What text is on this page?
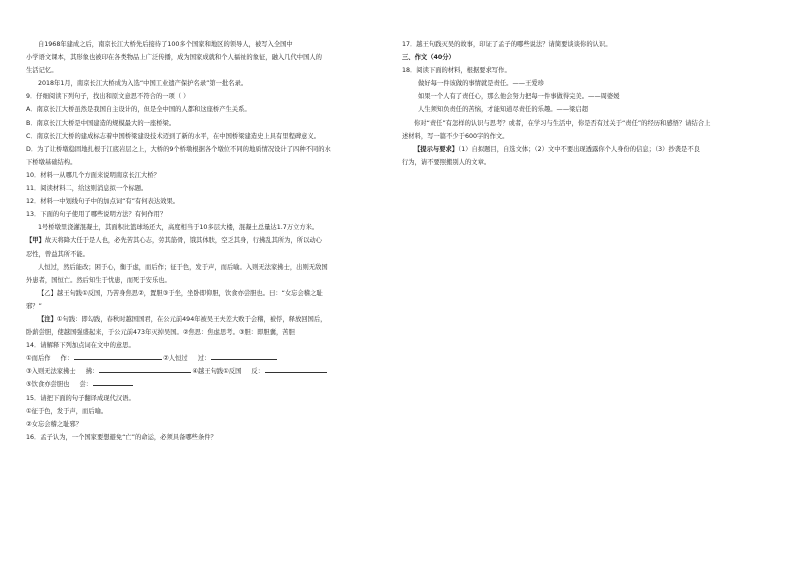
自1968年建成之后，南京长江大桥先后接待了100多个国家和地区的领导人，被写入全国中

小学语文课本，其形象也被印在各类物品上广泛传播，成为国家成就和个人福祉的象征，融入几代中国人的

生活记忆。

2018年1月，南京长江大桥成为入选“中国工业遗产保护名录”第一批名录。

9．仔细阅读下列句子，找出和原文意思不符合的一项（ ）

A．南京长江大桥虽然是我国自主设计的，但是全中国的人都和这座桥产生关系。

B．南京长江大桥是中国建造的规模最大的一座桥梁。

C．南京长江大桥的建成标志着中国桥梁建设技术迈到了新的水平，在中国桥梁建造史上具有里程碑意义。

D．为了让桥墩稳固地扎根于江底岩层之上，大桥的9个桥墩根据各个墩位不同的地质情况设计了四种不同的水

下桥墩基础结构。

10．材料一从哪几个方面来说明南京长江大桥？

11．阅读材料二，给这则消息拟一个标题。

12．材料一中划线句子中的加点词“有”有何表达效果。

13．下面的句子使用了哪些说明方法？有何作用？

1号桥墩里浇灌混凝土，其面积比篮球场还大，高度相当于10多层大楼，混凝土总量达1.7万立方米。

【甲】故天将降大任于是人也，必先苦其心志，劳其筋骨，饿其体肤，空乏其身，行拂乱其所为，所以动心

忍性，曾益其所不能。

人恒过，然后能改；困于心，衡于虑，而后作；征于色，发于声，而后喻。入则无法家拂士，出则无敌国

外患者，国恒亡。然后知生于忧患，而死于安乐也。

【乙】越王句践①反国，乃苦身焦思②，置胆③于坐，坐卧即仰胆，饮食亦尝胆也。曰：“女忘会稽之耻

邪？”

【注】①句践：即勾践，春秋时越国国君，在公元前494年被吴王夫差大败于会稽，被俘，释放回国后，

卧薪尝胆，使越国强盛起来，于公元前473年灭掉吴国。②焦思：焦虑思考。③胆：即胆囊，苦胆

14．请解释下列加点词在文中的意思。

①而后作 作：	②人恒过 过：

③入则无法家拂士 拂：	④越王句践①反国 反：

⑤饮食亦尝胆也 尝：

15．请把下面的句子翻译成现代汉语。

①征于色，发于声，而后喻。

②女忘会稽之耻邪？

16．孟子认为，一个国家要想避免“亡”的命运，必须具备哪些条件？

17．越王句践灭吴的故事，印证了孟子的哪些说法？请简要谈谈你的认识。

三、作文（40分）

18．阅读下面的材料，根据要求写作。

做好每一件该做的事情就是责任。——王爱珍

如果一个人有了责任心，那么他会努力把每一件事做得完美。——周婆媛

人生须知负责任的苦恼，才能知道尽责任的乐趣。——梁启超

你对“责任”有怎样的认识与思考？或者，在学习与生活中，你是否有过关于“责任”的经历和感悟？请结合上

述材料，写一篇不少于600字的作文。

【提示与要求】（1）自拟题目，自选文体；（2）文中不要出现透露你个人身份的信息；（3）抄袭是不良

行为，请不要照搬别人的文章。
